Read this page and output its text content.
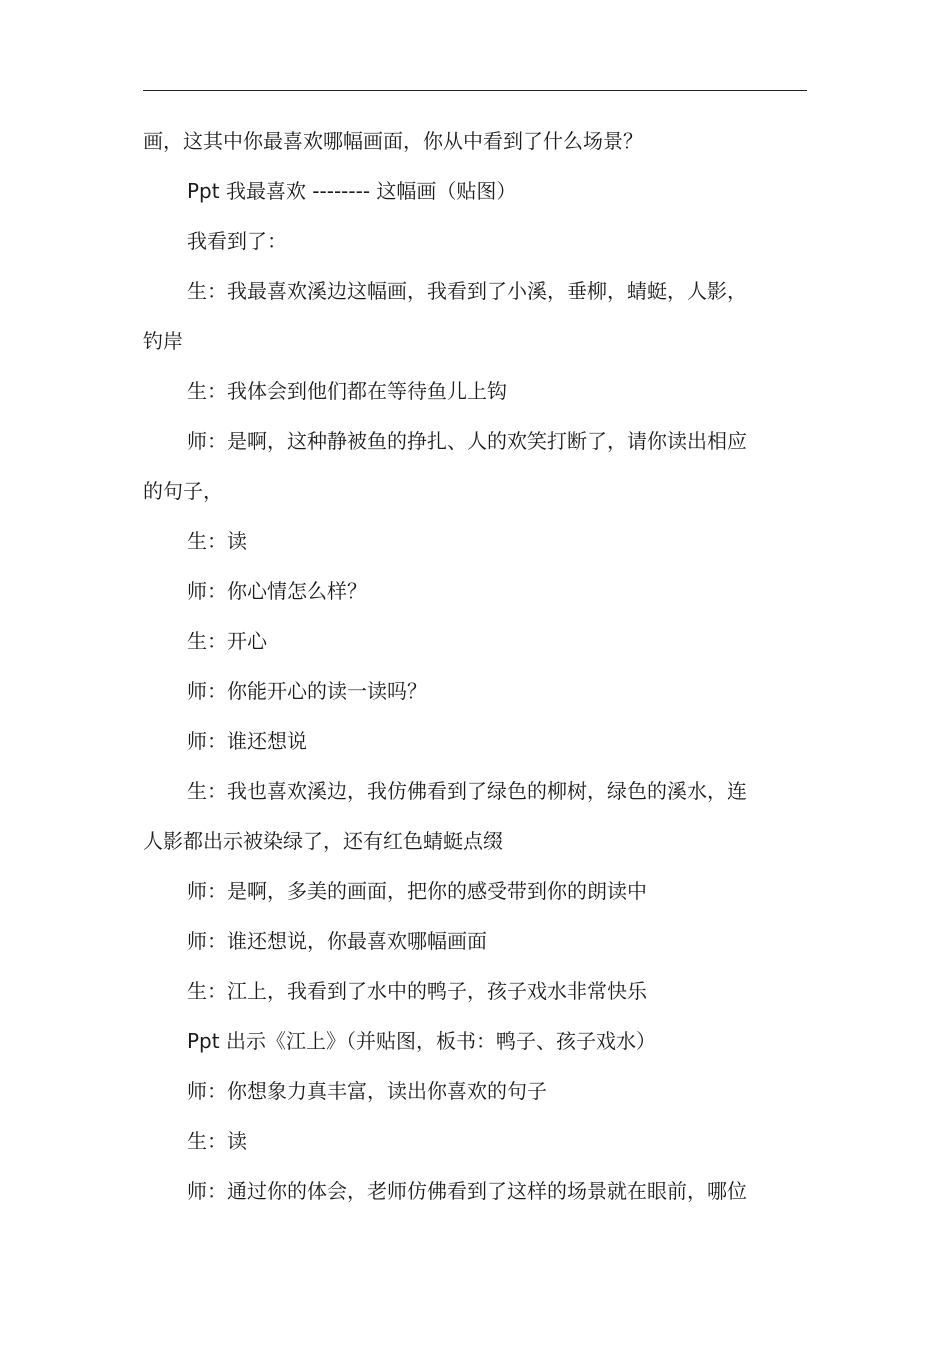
画，这其中你最喜欢哪幅画面，你从中看到了什么场景？
Ppt 我最喜欢 -------- 这幅画（贴图）
我看到了：
生：我最喜欢溪边这幅画，我看到了小溪，垂柳，蜻蜓，人影，
钓岸
生：我体会到他们都在等待鱼儿上钩
师：是啊，这种静被鱼的挣扎、人的欢笑打断了，请你读出相应
的句子，
生：读
师：你心情怎么样？
生：开心
师：你能开心的读一读吗？
师：谁还想说
生：我也喜欢溪边，我仿佛看到了绿色的柳树，绿色的溪水，连
人影都出示被染绿了，还有红色蜻蜓点缀
师：是啊，多美的画面，把你的感受带到你的朗读中
师：谁还想说，你最喜欢哪幅画面
生：江上，我看到了水中的鸭子，孩子戏水非常快乐
Ppt 出示《江上》（并贴图，板书：鸭子、孩子戏水）
师：你想象力真丰富，读出你喜欢的句子
生：读
师：通过你的体会，老师仿佛看到了这样的场景就在眼前，哪位
